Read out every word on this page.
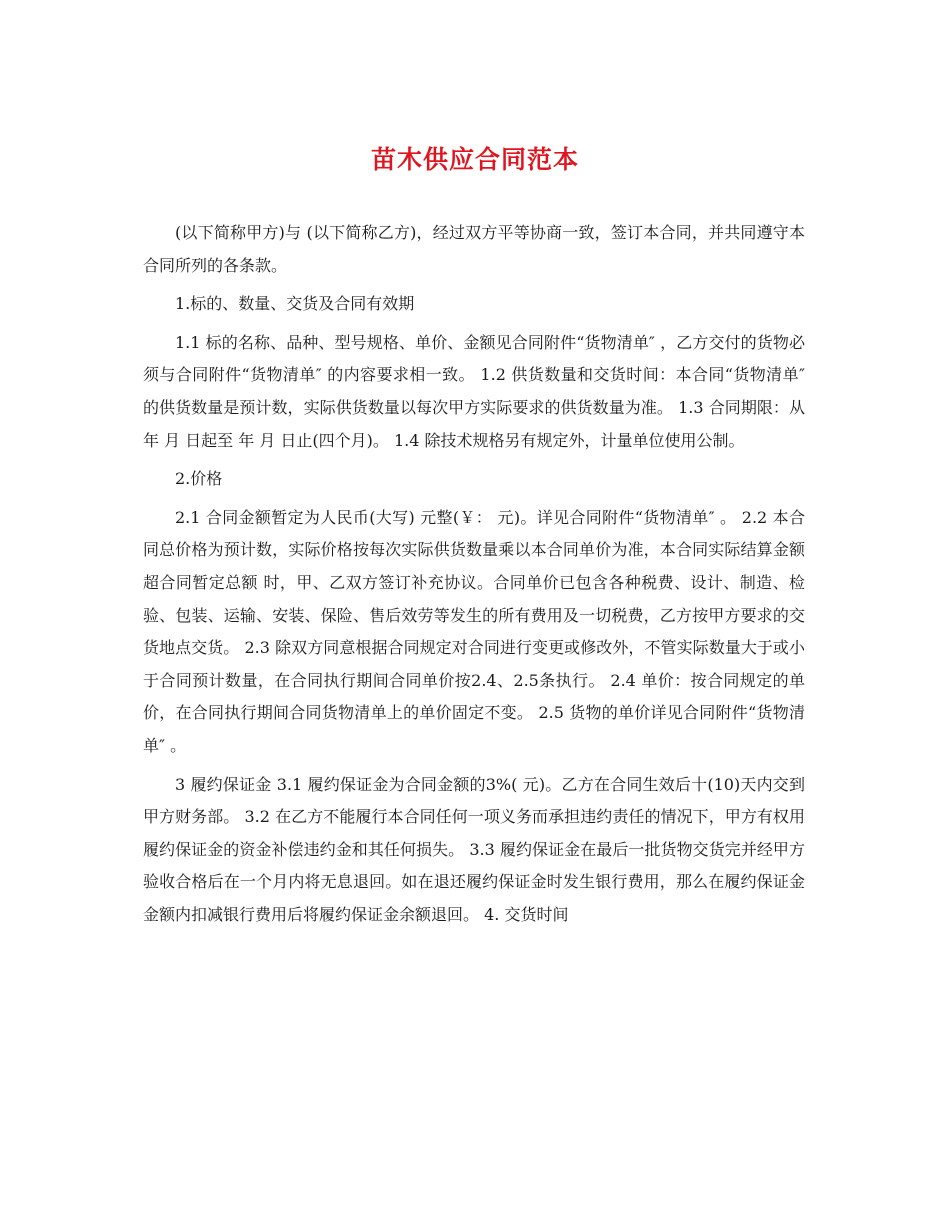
苗木供应合同范本

(以下简称甲方)与 (以下简称乙方)，经过双方平等协商一致，签订本合同，并共同遵守本合同所列的各条款。

1.标的、数量、交货及合同有效期

1.1 标的名称、品种、型号规格、单价、金额见合同附件“货物清单″ ，乙方交付的货物必须与合同附件“货物清单″ 的内容要求相一致。 1.2 供货数量和交货时间：本合同“货物清单″ 的供货数量是预计数，实际供货数量以每次甲方实际要求的供货数量为准。 1.3 合同期限：从 年 月 日起至 年 月 日止(四个月)。 1.4 除技术规格另有规定外，计量单位使用公制。

2.价格

2.1 合同金额暂定为人民币(大写) 元整(￥： 元)。详见合同附件“货物清单″ 。 2.2 本合同总价格为预计数，实际价格按每次实际供货数量乘以本合同单价为准，本合同实际结算金额超合同暂定总额 时，甲、乙双方签订补充协议。合同单价已包含各种税费、设计、制造、检验、包装、运输、安装、保险、售后效劳等发生的所有费用及一切税费，乙方按甲方要求的交货地点交货。 2.3 除双方同意根据合同规定对合同进行变更或修改外，不管实际数量大于或小于合同预计数量，在合同执行期间合同单价按2.4、2.5条执行。 2.4 单价：按合同规定的单价，在合同执行期间合同货物清单上的单价固定不变。 2.5 货物的单价详见合同附件“货物清单″ 。

3 履约保证金 3.1 履约保证金为合同金额的3%( 元)。乙方在合同生效后十(10)天内交到甲方财务部。 3.2 在乙方不能履行本合同任何一项义务而承担违约责任的情况下，甲方有权用履约保证金的资金补偿违约金和其任何损失。 3.3 履约保证金在最后一批货物交货完并经甲方验收合格后在一个月内将无息退回。如在退还履约保证金时发生银行费用，那么在履约保证金金额内扣减银行费用后将履约保证金余额退回。 4. 交货时间
